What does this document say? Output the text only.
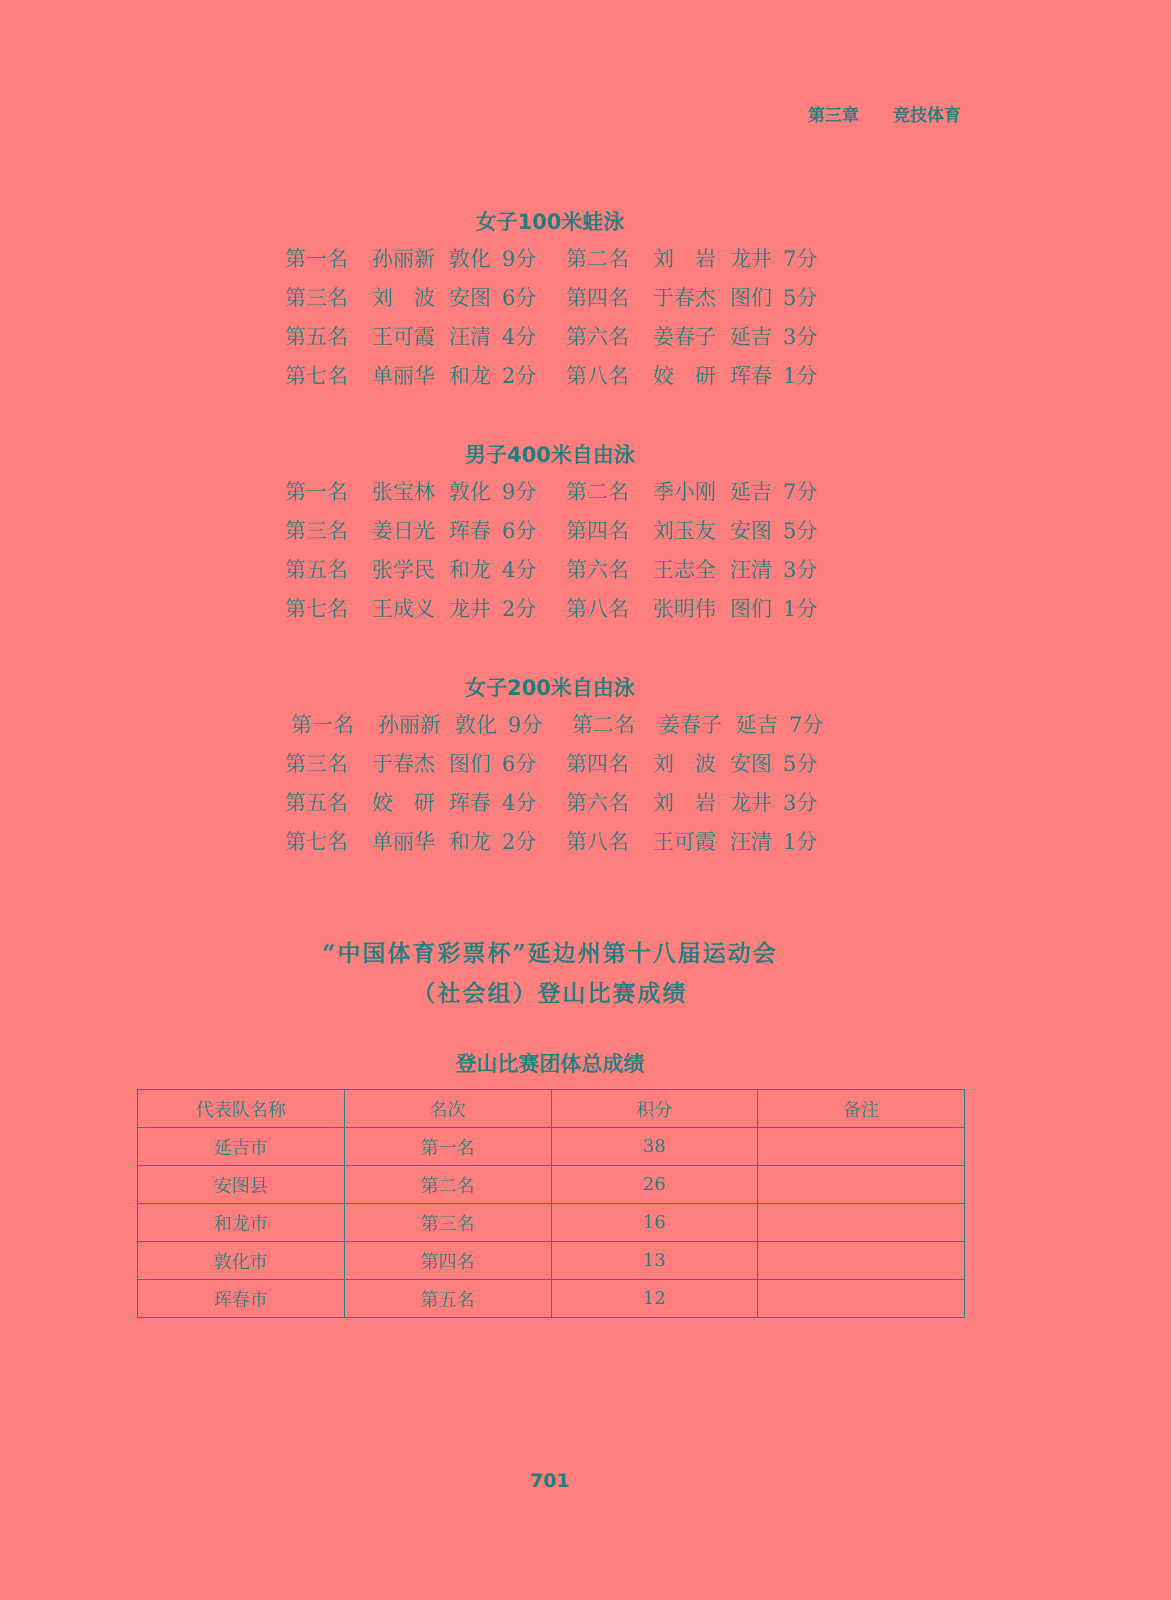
第三章　　 竞技体育
女子100米蛙泳
第一名 孙丽新 敦化 9分 第二名 刘　岩 龙井 7分
第三名 刘　波 安图 6分 第四名 于春杰 图们 5分
第五名 王可霞 汪清 4分 第六名 姜春子 延吉 3分
第七名 单丽华 和龙 2分 第八名 姣　研 珲春 1分
男子400米自由泳
第一名 张宝林 敦化 9分 第二名 季小刚 延吉 7分
第三名 姜日光 珲春 6分 第四名 刘玉友 安图 5分
第五名 张学民 和龙 4分 第六名 王志全 汪清 3分
第七名 王成义 龙井 2分 第八名 张明伟 图们 1分
女子200米自由泳
第一名 孙丽新 敦化 9分 第二名 姜春子 延吉 7分
第三名 于春杰 图们 6分 第四名 刘　波 安图 5分
第五名 姣　研 珲春 4分 第六名 刘　岩 龙井 3分
第七名 单丽华 和龙 2分 第八名 王可霞 汪清 1分
“中国体育彩票杯”延边州第十八届运动会
（社会组）登山比赛成绩
登山比赛团体总成绩
代表队名称	名次	积分	备注
延吉市	第一名	38	
安图县	第二名	26	
和龙市	第三名	16	
敦化市	第四名	13	
珲春市	第五名	12	
701
